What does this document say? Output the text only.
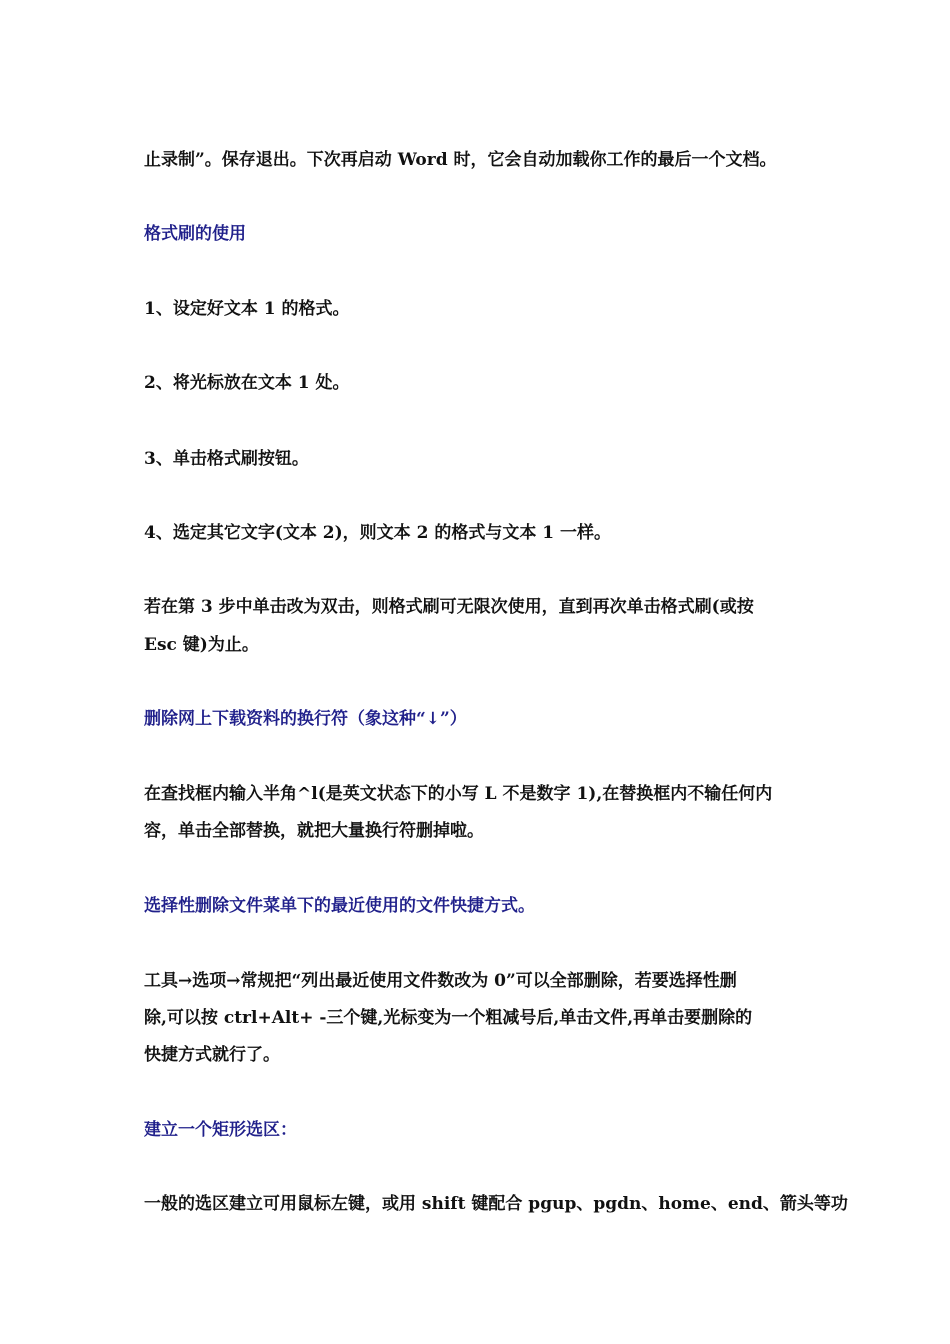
止录制”。保存退出。下次再启动 Word 时，它会自动加载你工作的最后一个文档。
格式刷的使用
1、设定好文本 1 的格式。
2、将光标放在文本 1 处。
3、单击格式刷按钮。
4、选定其它文字(文本 2)，则文本 2 的格式与文本 1 一样。
若在第 3 步中单击改为双击，则格式刷可无限次使用，直到再次单击格式刷(或按
Esc 键)为止。
删除网上下载资料的换行符（象这种“↓”）
在查找框内输入半角^l(是英文状态下的小写 L 不是数字 1),在替换框内不输任何内
容，单击全部替换，就把大量换行符删掉啦。
选择性删除文件菜单下的最近使用的文件快捷方式。
工具→选项→常规把“列出最近使用文件数改为 0”可以全部删除，若要选择性删
除,可以按 ctrl+Alt+ -三个键,光标变为一个粗减号后,单击文件,再单击要删除的
快捷方式就行了。
建立一个矩形选区：
一般的选区建立可用鼠标左键，或用 shift 键配合 pgup、pgdn、home、end、箭头等功
